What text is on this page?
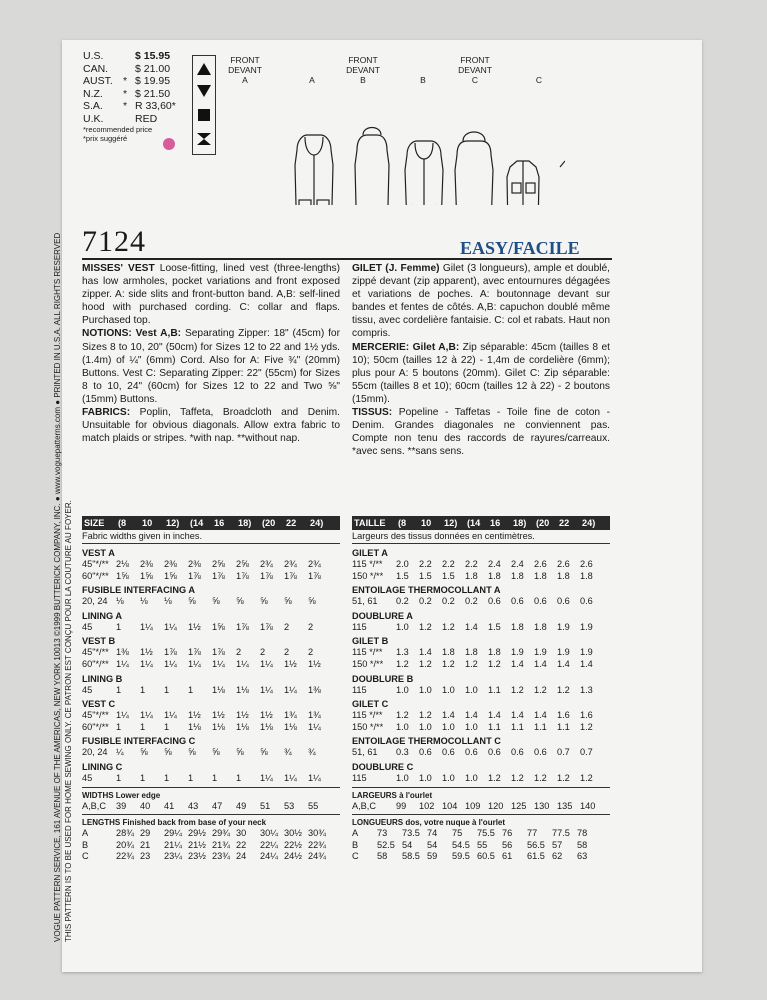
VOGUE PATTERN SERVICE, 161 AVENUE OF THE AMERICAS, NEW YORK 10013 ©1999 BUTTERICK COMPANY, INC. ● www.voguepatterns.com ● PRINTED IN U.S.A. ALL RIGHTS RESERVED THIS PATTERN IS TO BE USED FOR HOME SEWING ONLY. CE PATRON EST CONÇU POUR LA COUTURE AU FOYER.
U.S.	$ 15.95
CAN.	$ 21.00
AUST. * $ 19.95
N.Z.	* $ 21.50
S.A.	* R 33,60*
U.K.	RED
*recommended price
*prix suggéré
FRONT
DEVANT
A	A
FRONT
DEVANT
B	B
FRONT
DEVANT
C	C
7124	EASY/FACILE

MISSES' VEST Loose-fitting, lined vest (three-lengths) has low armholes, pocket variations and front exposed zipper. A: side slits and front-button band. A,B: self-lined hood with purchased cording. C: collar and flaps. Purchased top.

NOTIONS: Vest A,B: Separating Zipper: 18" (45cm) for Sizes 8 to 10, 20" (50cm) for Sizes 12 to 22 and 1½ yds. (1.4m) of ¼" (6mm) Cord. Also for A: Five ¾" (20mm) Buttons. Vest C: Separating Zipper: 22" (55cm) for Sizes 8 to 10, 24" (60cm) for Sizes 12 to 22 and Two ⅝" (15mm) Buttons.

FABRICS: Poplin, Taffeta, Broadcloth and Denim. Unsuitable for obvious diagonals. Allow extra fabric to match plaids or stripes. *with nap. **without nap.

GILET (J. Femme) Gilet (3 longueurs), ample et doublé, zippé devant (zip apparent), avec entournures dégagées et variations de poches. A: boutonnage devant sur bandes et fentes de côtés. A,B: capuchon doublé même tissu, avec cordelière fantaisie. C: col et rabats. Haut non compris.

MERCERIE: Gilet A,B: Zip séparable: 45cm (tailles 8 et 10); 50cm (tailles 12 à 22) - 1,4m de cordelière (6mm); plus pour A: 5 boutons (20mm). Gilet C: Zip séparable: 55cm (tailles 8 et 10); 60cm (tailles 12 à 22) - 2 boutons (15mm).

TISSUS: Popeline - Taffetas - Toile fine de coton - Denim. Grandes diagonales ne conviennent pas. Compte non tenu des raccords de rayures/carreaux. *avec sens. **sans sens.

SIZE	(8	10	12)	(14	16	18)	(20	22	24)
Fabric widths given in inches.
VEST A
45"*/** 2⅛	2⅜	2⅜	2⅜	2⅝	2⅝	2¾	2¾	2¾
60"*/** 1⅝	1⅝	1⅝	1⅞	1⅞	1⅞	1⅞	1⅞	1⅞
FUSIBLE INTERFACING A
20, 24 ⅛	⅛	⅛	⅝	⅝	⅝	⅝	⅝	⅝
LINING A
45	1	1¼	1¼	1½	1⅝	1⅞	1⅞	2	2
VEST B
45"*/** 1⅜	1½	1⅞	1⅞	1⅞	2	2	2	2
60"*/** 1¼	1¼	1¼	1¼	1¼	1¼	1¼	1½	1½
LINING B
45	1	1	1	1	1⅛	1⅛	1¼	1¼	1⅜
VEST C
45"*/** 1¼	1¼	1¼	1½	1½	1½	1½	1¾	1¾
60"*/** 1	1	1	1⅛	1⅛	1⅛	1⅛	1⅛	1¼
FUSIBLE INTERFACING C
20, 24 ¼	⅝	⅝	⅝	⅝	⅝	⅝	¾	¾
LINING C
45	1	1	1	1	1	1	1¼	1¼	1¼
WIDTHS Lower edge
A,B,C	39	40	41	43	47	49	51	53	55
LENGTHS Finished back from base of your neck
A	28¾ 29	29¼ 29½ 29¾ 30	30¼ 30½ 30¾
B	20¾ 21	21¼ 21½ 21¾ 22	22¼ 22½ 22¾
C	22¾ 23	23¼ 23½ 23¾ 24	24¼ 24½ 24¾
TAILLE	(8	10	12)	(14	16	18)	(20	22	24)
Largeurs des tissus données en centimètres.
GILET A
115 */**	2.0	2.2	2.2	2.2	2.4	2.4	2.6	2.6	2.6
150 */**	1.5	1.5	1.5	1.8	1.8	1.8	1.8	1.8	1.8
ENTOILAGE THERMOCOLLANT A
51, 61	0.2	0.2	0.2	0.2	0.6	0.6	0.6	0.6	0.6
DOUBLURE A
115	1.0	1.2	1.2	1.4	1.5	1.8	1.8	1.9	1.9
GILET B
115 */**	1.3	1.4	1.8	1.8	1.8	1.9	1.9	1.9	1.9
150 */**	1.2	1.2	1.2	1.2	1.2	1.4	1.4	1.4	1.4
DOUBLURE B
115	1.0	1.0	1.0	1.0	1.1	1.2	1.2	1.2	1.3
GILET C
115 */**	1.2	1.2	1.4	1.4	1.4	1.4	1.4	1.6	1.6
150 */**	1.0	1.0	1.0	1.0	1.1	1.1	1.1	1.1	1.2
ENTOILAGE THERMOCOLLANT C
51, 61	0.3	0.6	0.6	0.6	0.6	0.6	0.6	0.7	0.7
DOUBLURE C
115	1.0	1.0	1.0	1.0	1.2	1.2	1.2	1.2	1.2
LARGEURS à l'ourlet
A,B,C	99	102 104 109 120 125 130 135 140
LONGUEURS dos, votre nuque à l'ourlet
A	73	73.5 74	75	75.5 76	77	77.5 78
B	52.5 54	54	54.5 55	56	56.5 57	58
C	58	58.5 59	59.5 60.5 61	61.5 62	63
